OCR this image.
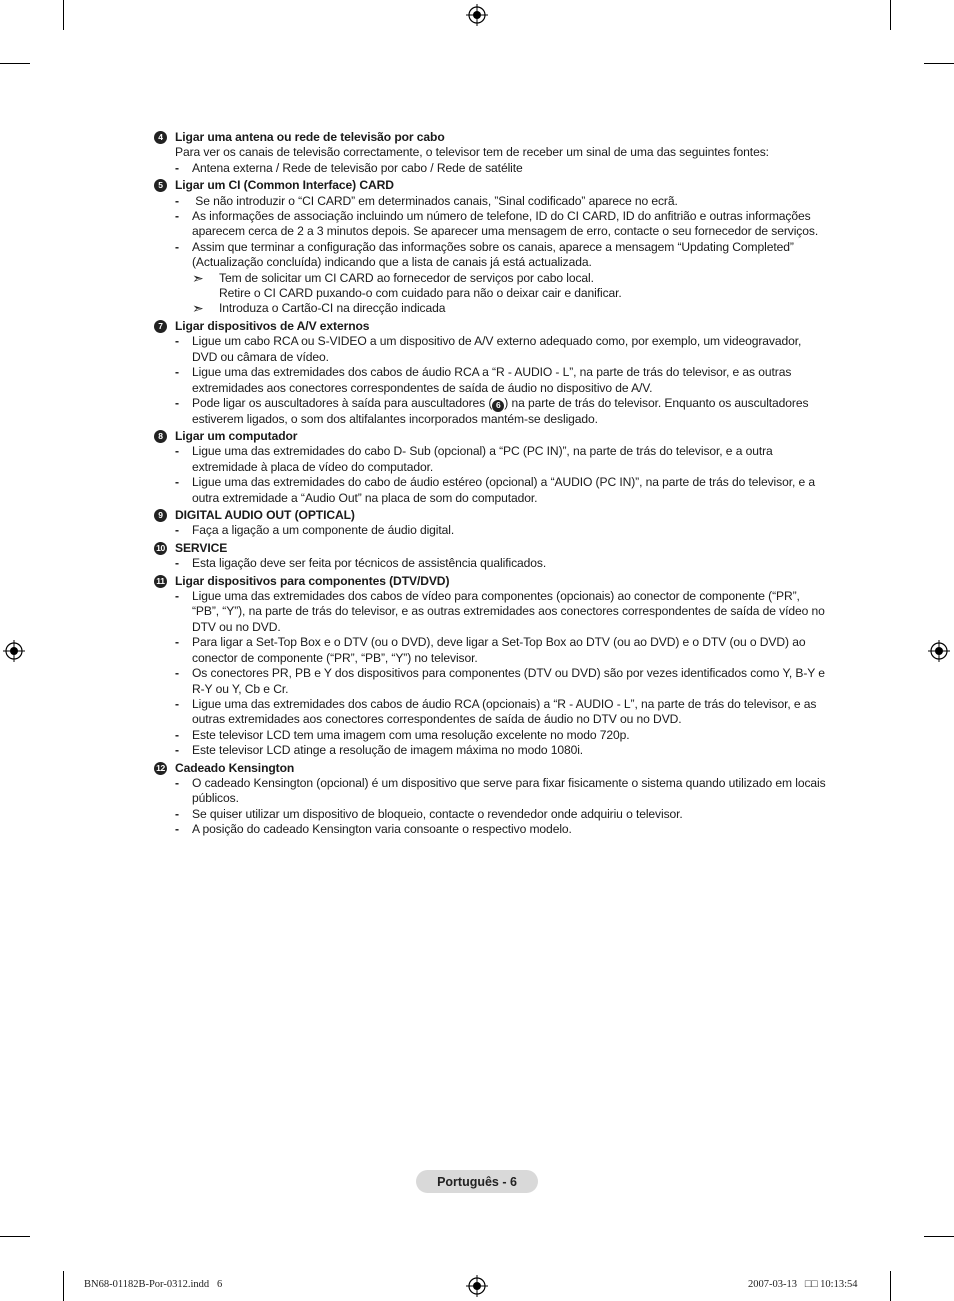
4	Ligar uma antena ou rede de televisão por cabo
Para ver os canais de televisão correctamente, o televisor tem de receber um sinal de uma das seguintes fontes:
-	Antena externa / Rede de televisão por cabo / Rede de satélite
5	Ligar um CI (Common Interface) CARD
-	Se não introduzir o “CI CARD” em determinados canais, ”Sinal codificado” aparece no ecrã.
-	As informações de associação incluindo um número de telefone, ID do CI CARD, ID do anfitrião e outras informações aparecem cerca de 2 a 3 minutos depois. Se aparecer uma mensagem de erro, contacte o seu fornecedor de serviços.
-	Assim que terminar a configuração das informações sobre os canais, aparece a mensagem “Updating Completed” (Actualização concluída) indicando que a lista de canais já está actualizada.
➣	Tem de solicitar um CI CARD ao fornecedor de serviços por cabo local.
Retire o CI CARD puxando-o com cuidado para não o deixar cair e danificar.
➣	Introduza o Cartão-CI na direcção indicada
7	Ligar dispositivos de A/V externos
-	Ligue um cabo RCA ou S-VIDEO a um dispositivo de A/V externo adequado como, por exemplo, um videogravador, DVD ou câmara de vídeo.
-	Ligue uma das extremidades dos cabos de áudio RCA a “R - AUDIO - L”, na parte de trás do televisor, e as outras extremidades aos conectores correspondentes de saída de áudio no dispositivo de A/V.
-	Pode ligar os auscultadores à saída para auscultadores ( 6 ) na parte de trás do televisor. Enquanto os auscultadores estiverem ligados, o som dos altifalantes incorporados mantém-se desligado.
8	Ligar um computador
-	Ligue uma das extremidades do cabo D- Sub (opcional) a “PC (PC IN)”, na parte de trás do televisor, e a outra extremidade à placa de vídeo do computador.
-	Ligue uma das extremidades do cabo de áudio estéreo (opcional) a “AUDIO (PC IN)”, na parte de trás do televisor, e a outra extremidade a “Audio Out” na placa de som do computador.
9	DIGITAL AUDIO OUT (OPTICAL)
-	Faça a ligação a um componente de áudio digital.
10 SERVICE
-	Esta ligação deve ser feita por técnicos de assistência qualificados.
11 Ligar dispositivos para componentes (DTV/DVD)
-	Ligue uma das extremidades dos cabos de vídeo para componentes (opcionais) ao conector de componente (“PR”, “PB”, “Y”), na parte de trás do televisor, e as outras extremidades aos conectores correspondentes de saída de vídeo no DTV ou no DVD.
-	Para ligar a Set-Top Box e o DTV (ou o DVD), deve ligar a Set-Top Box ao DTV (ou ao DVD) e o DTV (ou o DVD) ao conector de componente (“PR”, “PB”, “Y”) no televisor.
-	Os conectores PR, PB e Y dos dispositivos para componentes (DTV ou DVD) são por vezes identificados como Y, B-Y e R-Y ou Y, Cb e Cr.
-	Ligue uma das extremidades dos cabos de áudio RCA (opcionais) a “R - AUDIO - L”, na parte de trás do televisor, e as outras extremidades aos conectores correspondentes de saída de áudio no DTV ou no DVD.
-	Este televisor LCD tem uma imagem com uma resolução excelente no modo 720p.
-	Este televisor LCD atinge a resolução de imagem máxima no modo 1080i.
12 Cadeado Kensington
-	O cadeado Kensington (opcional) é um dispositivo que serve para fixar fisicamente o sistema quando utilizado em locais públicos.
-	Se quiser utilizar um dispositivo de bloqueio, contacte o revendedor onde adquiriu o televisor.
-	A posição do cadeado Kensington varia consoante o respectivo modelo.
Português - 6
BN68-01182B-Por-0312.indd   6	2007-03-13   □□ 10:13:54
